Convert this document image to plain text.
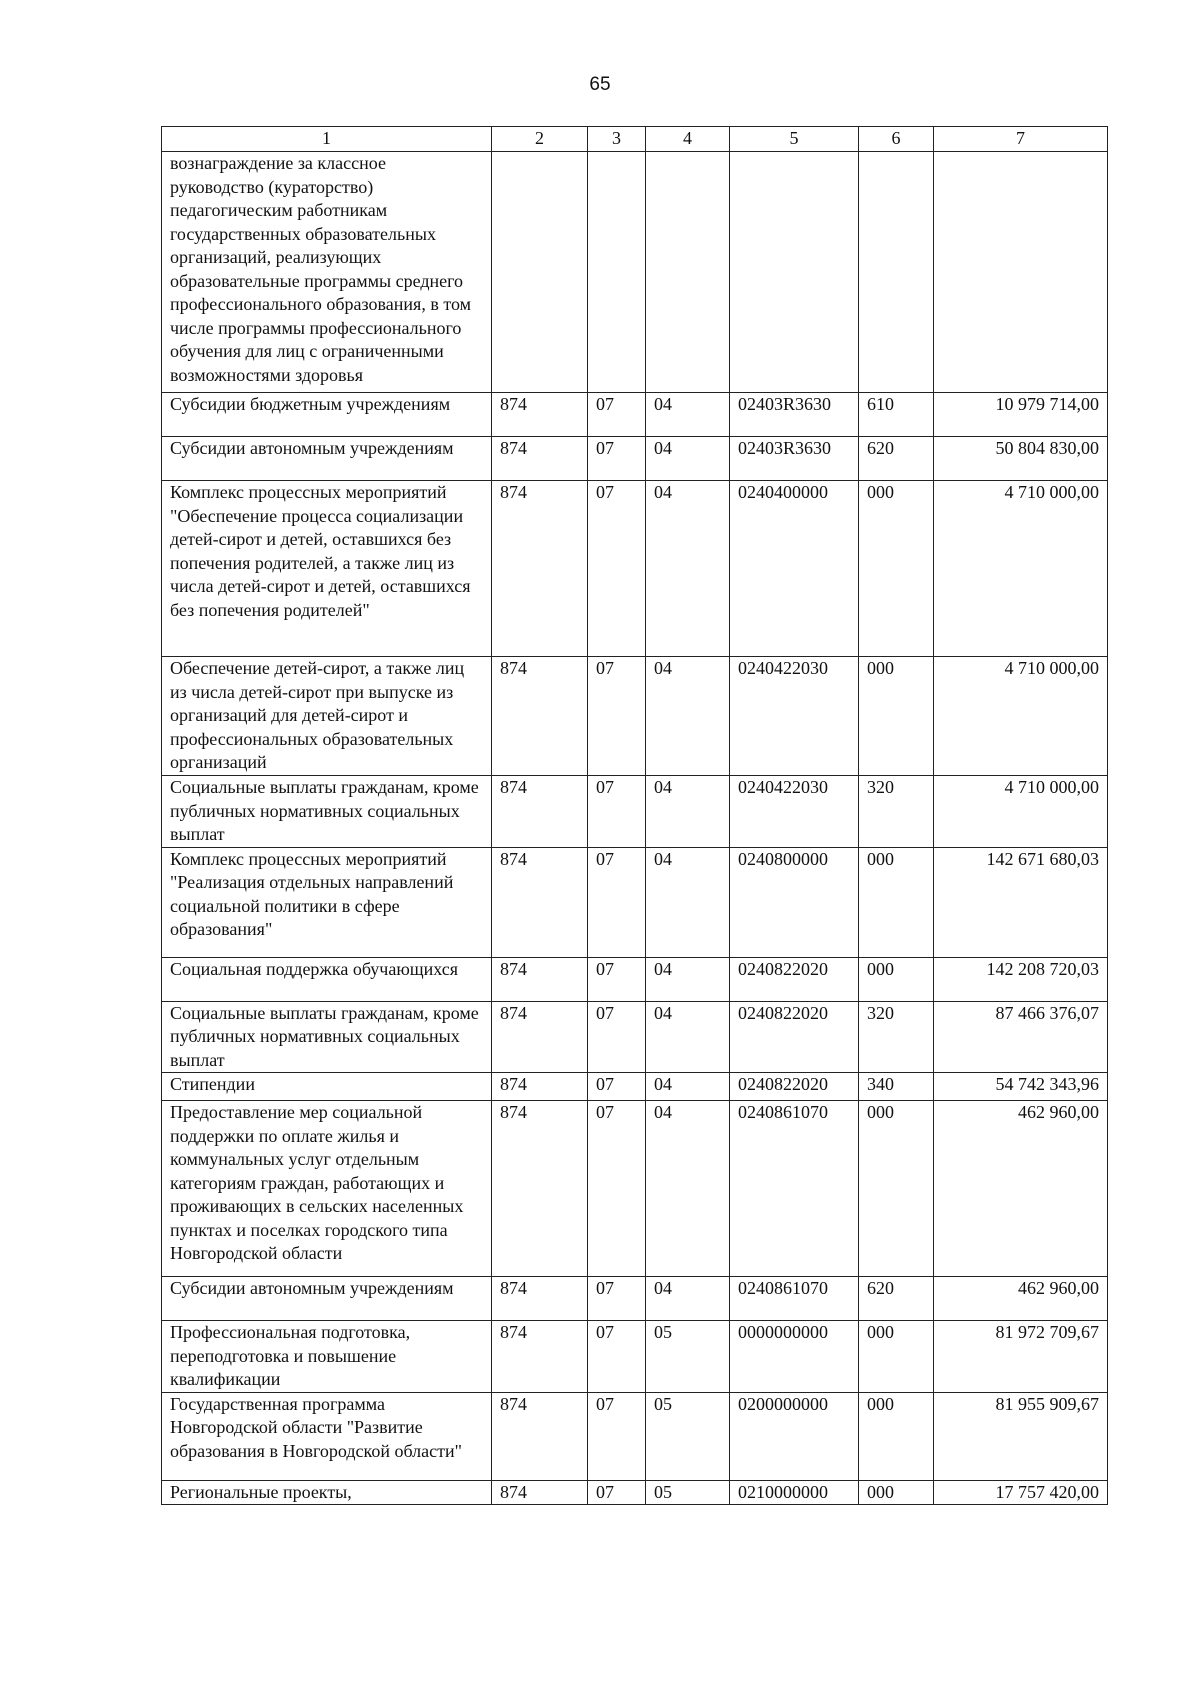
65
1	2	3	4	5	6	7
вознаграждение за классное руководство (кураторство) педагогическим работникам государственных образовательных организаций, реализующих образовательные программы среднего профессионального образования, в том числе программы профессионального обучения для лиц с ограниченными возможностями здоровья						
Субсидии бюджетным учреждениям	874	07	04	02403R3630	610	10 979 714,00
Субсидии автономным учреждениям	874	07	04	02403R3630	620	50 804 830,00
Комплекс процессных мероприятий "Обеспечение процесса социализации детей-сирот и детей, оставшихся без попечения родителей, а также лиц из числа детей-сирот и детей, оставшихся без попечения родителей"	874	07	04	0240400000	000	4 710 000,00
Обеспечение детей-сирот, а также лиц из числа детей-сирот при выпуске из организаций для детей-сирот и профессиональных образовательных организаций	874	07	04	0240422030	000	4 710 000,00
Социальные выплаты гражданам, кроме публичных нормативных социальных выплат	874	07	04	0240422030	320	4 710 000,00
Комплекс процессных мероприятий "Реализация отдельных направлений социальной политики в сфере образования"	874	07	04	0240800000	000	142 671 680,03
Социальная поддержка обучающихся	874	07	04	0240822020	000	142 208 720,03
Социальные выплаты гражданам, кроме публичных нормативных социальных выплат	874	07	04	0240822020	320	87 466 376,07
Стипендии	874	07	04	0240822020	340	54 742 343,96
Предоставление мер социальной поддержки по оплате жилья и коммунальных услуг отдельным категориям граждан, работающих и проживающих в сельских населенных пунктах и поселках городского типа Новгородской области	874	07	04	0240861070	000	462 960,00
Субсидии автономным учреждениям	874	07	04	0240861070	620	462 960,00
Профессиональная подготовка, переподготовка и повышение квалификации	874	07	05	0000000000	000	81 972 709,67
Государственная программа Новгородской области "Развитие образования в Новгородской области"	874	07	05	0200000000	000	81 955 909,67
Региональные проекты,	874	07	05	0210000000	000	17 757 420,00
